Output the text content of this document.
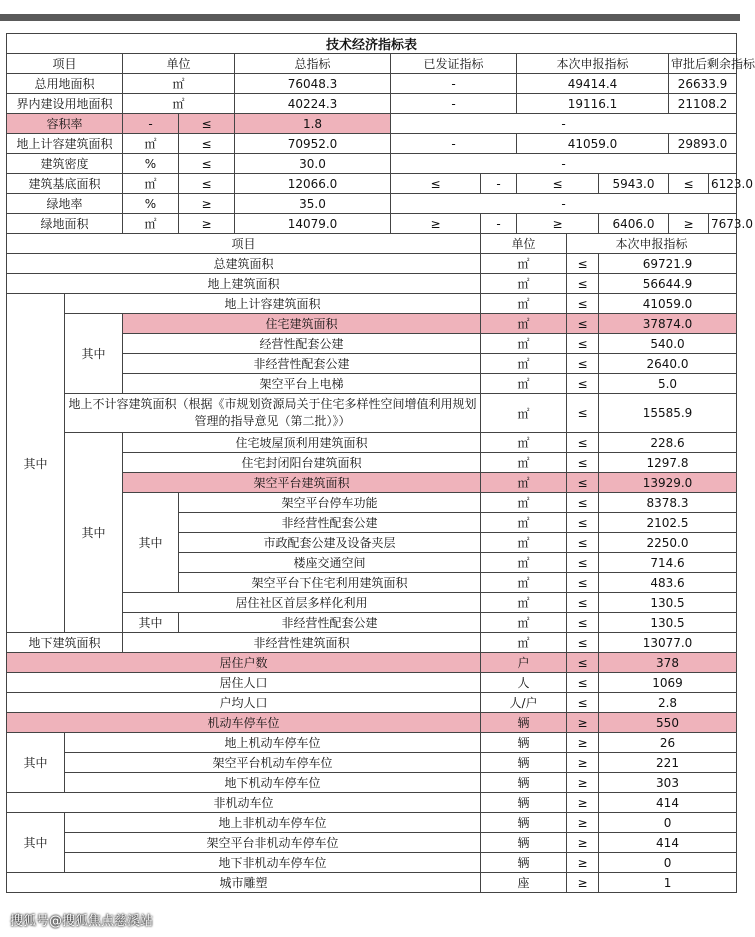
技术经济指标表											
项目		单位		总指标	已发证指标		本次申报指标			审批后剩余指标	
总用地面积		㎡		76048.3	-		49414.4			26633.9	
界内建设用地面积		㎡		40224.3	-		19116.1			21108.2	
容积率		-	≤	1.8	-						
地上计容建筑面积		㎡	≤	70952.0	-		41059.0			29893.0	
建筑密度		%	≤	30.0	-						
建筑基底面积		㎡	≤	12066.0	≤	-	≤		5943.0	≤	6123.0
绿地率		%	≥	35.0	-						
绿地面积		㎡	≥	14079.0	≥	-	≥		6406.0	≥	7673.0
项目						单位		本次申报指标			
总建筑面积						㎡		≤	69721.9		
地上建筑面积						㎡		≤	56644.9		
其中	地上计容建筑面积					㎡		≤	41059.0		
	其中	住宅建筑面积				㎡		≤	37874.0		
		经营性配套公建				㎡		≤	540.0		
		非经营性配套公建				㎡		≤	2640.0		
		架空平台上电梯				㎡		≤	5.0		
	地上不计容建筑面积（根据《市规划资源局关于住宅多样性空间增值利用规划管理的指导意见（第二批）》）					㎡		≤	15585.9		
	其中	住宅坡屋顶利用建筑面积				㎡		≤	228.6		
		住宅封闭阳台建筑面积				㎡		≤	1297.8		
		架空平台建筑面积				㎡		≤	13929.0		
		其中	架空平台停车功能			㎡		≤	8378.3		
			非经营性配套公建			㎡		≤	2102.5		
			市政配套公建及设备夹层			㎡		≤	2250.0		
			楼座交通空间			㎡		≤	714.6		
			架空平台下住宅利用建筑面积			㎡		≤	483.6		
		居住社区首层多样化利用				㎡		≤	130.5		
		其中	非经营性配套公建			㎡		≤	130.5		
地下建筑面积		非经营性建筑面积				㎡		≤	13077.0		
居住户数						户		≤	378		
居住人口						人		≤	1069		
户均人口						人/户		≤	2.8		
机动车停车位						辆		≥	550		
其中	地上机动车停车位					辆		≥	26		
	架空平台机动车停车位					辆		≥	221		
	地下机动车停车位					辆		≥	303		
非机动车位						辆		≥	414		
其中	地上非机动车停车位					辆		≥	0		
	架空平台非机动车停车位					辆		≥	414		
	地下非机动车停车位					辆		≥	0		
城市雕塑						座		≥	1		
搜狐号@搜狐焦点慈溪站
